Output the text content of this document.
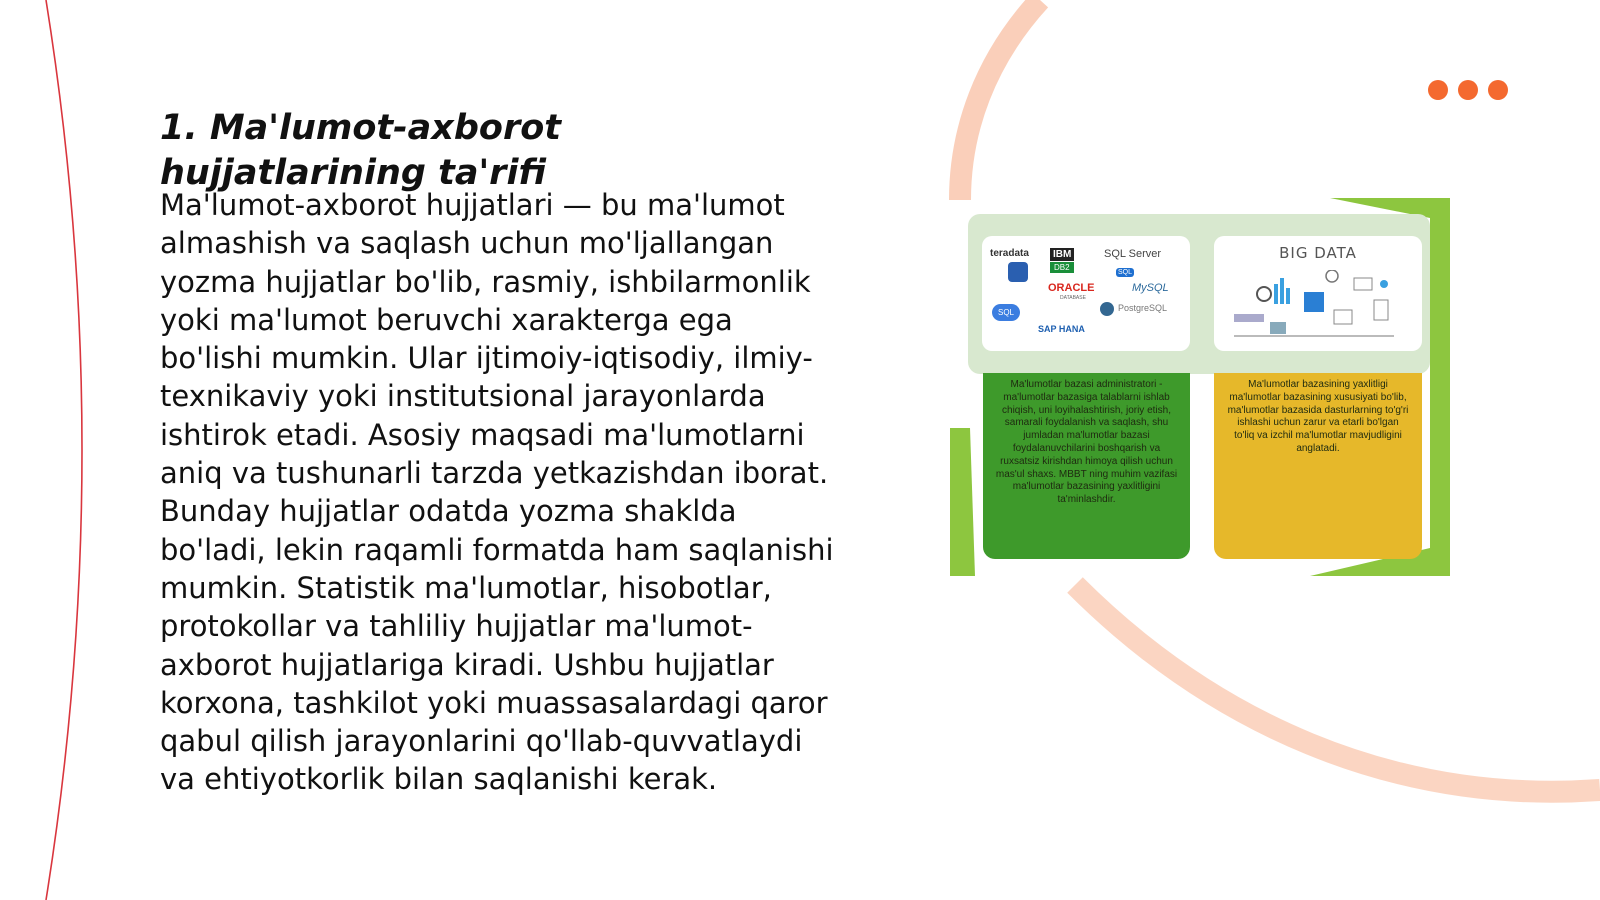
1. Ma'lumot-axborot hujjatlarining ta'rifi

Ma'lumot-axborot hujjatlari — bu ma'lumot almashish va saqlash uchun mo'ljallangan yozma hujjatlar bo'lib, rasmiy, ishbilarmonlik yoki ma'lumot beruvchi xarakterga ega bo'lishi mumkin. Ular ijtimoiy-iqtisodiy, ilmiy-texnikaviy yoki institutsional jarayonlarda ishtirok etadi. Asosiy maqsadi ma'lumotlarni aniq va tushunarli tarzda yetkazishdan iborat. Bunday hujjatlar odatda yozma shaklda bo'ladi, lekin raqamli formatda ham saqlanishi mumkin. Statistik ma'lumotlar, hisobotlar, protokollar va tahliliy hujjatlar ma'lumot-axborot hujjatlariga kiradi. Ushbu hujjatlar korxona, tashkilot yoki muassasalardagi qaror qabul qilish jarayonlarini qo'llab-quvvatlaydi va ehtiyotkorlik bilan saqlanishi kerak.

teradata	IBM
DB2
SQL Server
SQL
ORACLE
DATABASE
MySQL
SQL	PostgreSQL
SAP HANA
BIG DATA
Ma'lumotlar bazasi administratori - ma'lumotlar bazasiga talablarni ishlab chiqish, uni loyihalashtirish, joriy etish, samarali foydalanish va saqlash, shu jumladan ma'lumotlar bazasi foydalanuvchilarini boshqarish va ruxsatsiz kirishdan himoya qilish uchun mas'ul shaxs. MBBT ning muhim vazifasi ma'lumotlar bazasining yaxlitligini ta'minlashdir.
Ma'lumotlar bazasining yaxlitligi ma'lumotlar bazasining xususiyati bo'lib, ma'lumotlar bazasida dasturlarning to'g'ri ishlashi uchun zarur va etarli bo'lgan to'liq va izchil ma'lumotlar mavjudligini anglatadi.
